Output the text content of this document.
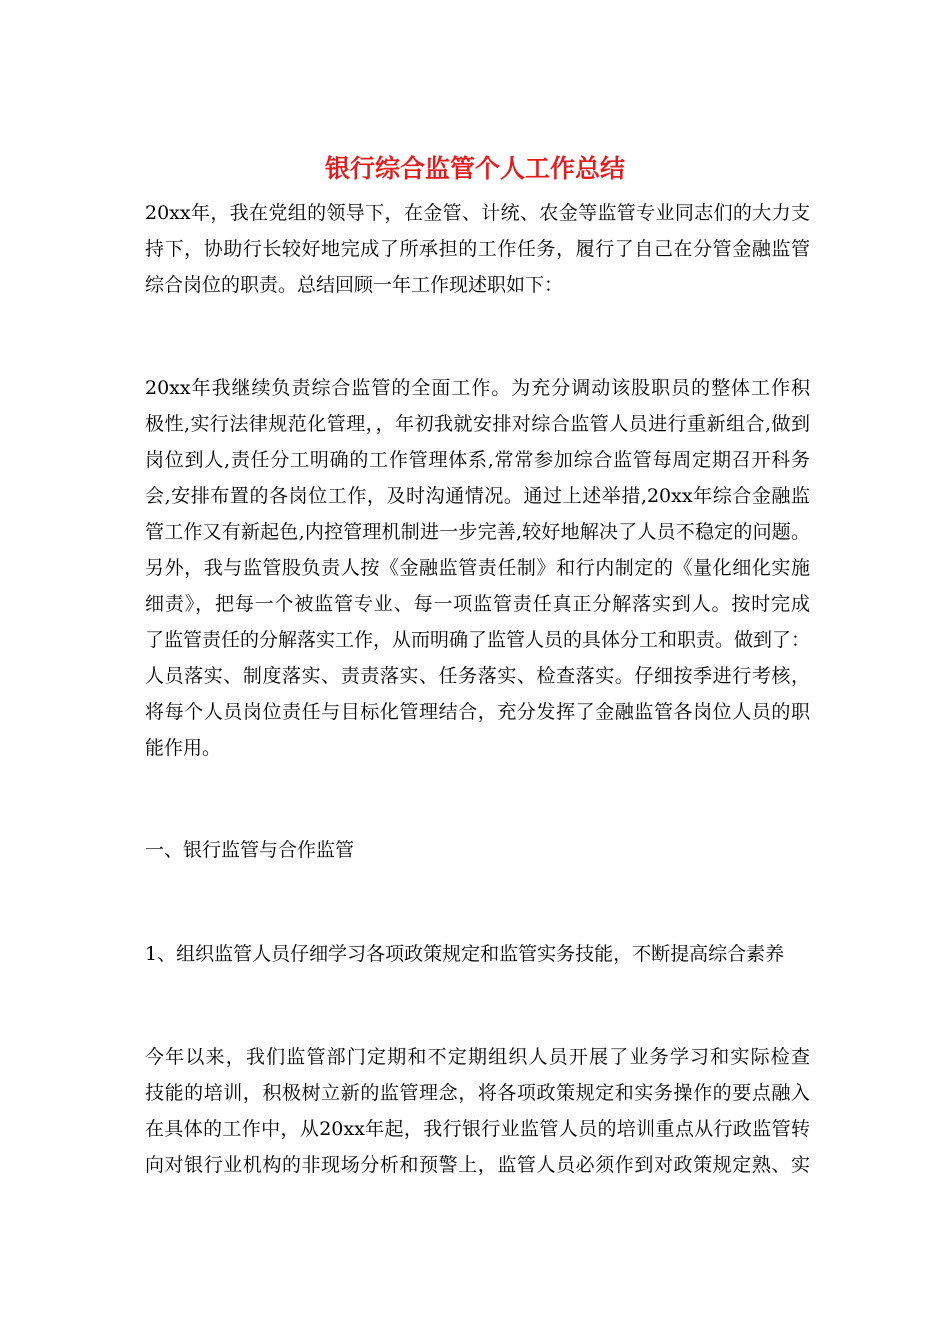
银行综合监管个人工作总结
20xx年，我在党组的领导下，在金管、计统、农金等监管专业同志们的大力支
持下，协助行长较好地完成了所承担的工作任务，履行了自己在分管金融监管
综合岗位的职责。总结回顾一年工作现述职如下：
20xx年我继续负责综合监管的全面工作。为充分调动该股职员的整体工作积
极性,实行法律规范化管理，，年初我就安排对综合监管人员进行重新组合,做到
岗位到人,责任分工明确的工作管理体系,常常参加综合监管每周定期召开科务
会,安排布置的各岗位工作，及时沟通情况。通过上述举措,20xx年综合金融监
管工作又有新起色,内控管理机制进一步完善,较好地解决了人员不稳定的问题。
另外，我与监管股负责人按《金融监管责任制》和行内制定的《量化细化实施
细责》，把每一个被监管专业、每一项监管责任真正分解落实到人。按时完成
了监管责任的分解落实工作，从而明确了监管人员的具体分工和职责。做到了：
人员落实、制度落实、责责落实、任务落实、检查落实。仔细按季进行考核，
将每个人员岗位责任与目标化管理结合，充分发挥了金融监管各岗位人员的职
能作用。
一、银行监管与合作监管
1、组织监管人员仔细学习各项政策规定和监管实务技能，不断提高综合素养
今年以来，我们监管部门定期和不定期组织人员开展了业务学习和实际检查
技能的培训，积极树立新的监管理念，将各项政策规定和实务操作的要点融入
在具体的工作中，从20xx年起，我行银行业监管人员的培训重点从行政监管转
向对银行业机构的非现场分析和预警上，监管人员必须作到对政策规定熟、实
